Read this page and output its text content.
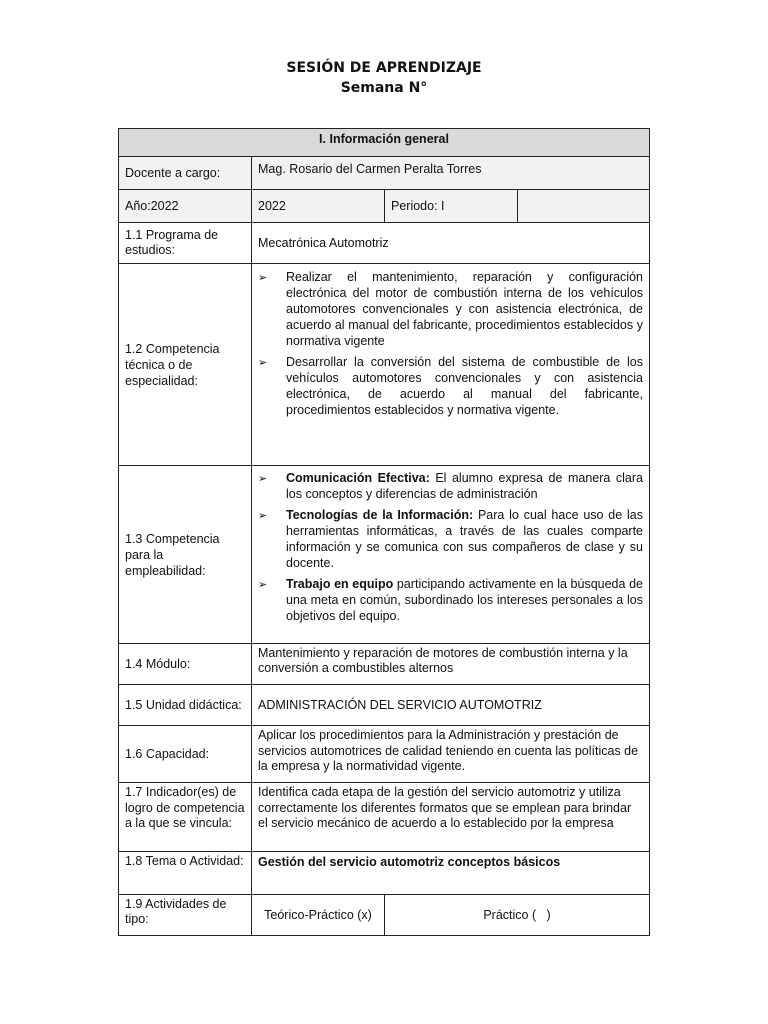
SESIÓN DE APRENDIZAJE
Semana N°
I. Información general
Docente a cargo:	Mag. Rosario del Carmen Peralta Torres
Año:2022	2022	Periodo: I
1.1 Programa de estudios:	Mecatrónica Automotriz
1.2 Competencia técnica o de especialidad:
➢	Realizar el mantenimiento, reparación y configuración electrónica del motor de combustión interna de los vehículos automotores convencionales y con asistencia electrónica, de acuerdo al manual del fabricante, procedimientos establecidos y normativa vigente
➢	Desarrollar la conversión del sistema de combustible de los vehículos automotores convencionales y con asistencia electrónica, de acuerdo al manual del fabricante, procedimientos establecidos y normativa vigente.
1.3 Competencia para la empleabilidad:
➢	Comunicación Efectiva: El alumno expresa de manera clara los conceptos y diferencias de administración
➢	Tecnologías de la Información: Para lo cual hace uso de las herramientas informáticas, a través de las cuales comparte información y se comunica con sus compañeros de clase y su docente.
➢	Trabajo en equipo participando activamente en la búsqueda de una meta en común, subordinado los intereses personales a los objetivos del equipo.
1.4 Módulo:
Mantenimiento y reparación de motores de combustión interna y la conversión a combustibles alternos
1.5 Unidad didáctica:	ADMINISTRACIÓN DEL SERVICIO AUTOMOTRIZ
1.6 Capacidad:
Aplicar los procedimientos para la Administración y prestación de servicios automotrices de calidad teniendo en cuenta las políticas de la empresa y la normatividad vigente.
1.7 Indicador(es) de logro de competencia a la que se vincula:
Identifica cada etapa de la gestión del servicio automotriz y utiliza correctamente los diferentes formatos que se emplean para brindar el servicio mecánico de acuerdo a lo establecido por la empresa
1.8 Tema o Actividad:	Gestión del servicio automotriz conceptos básicos
1.9 Actividades de tipo:	Teórico-Práctico (x)	Práctico (   )
